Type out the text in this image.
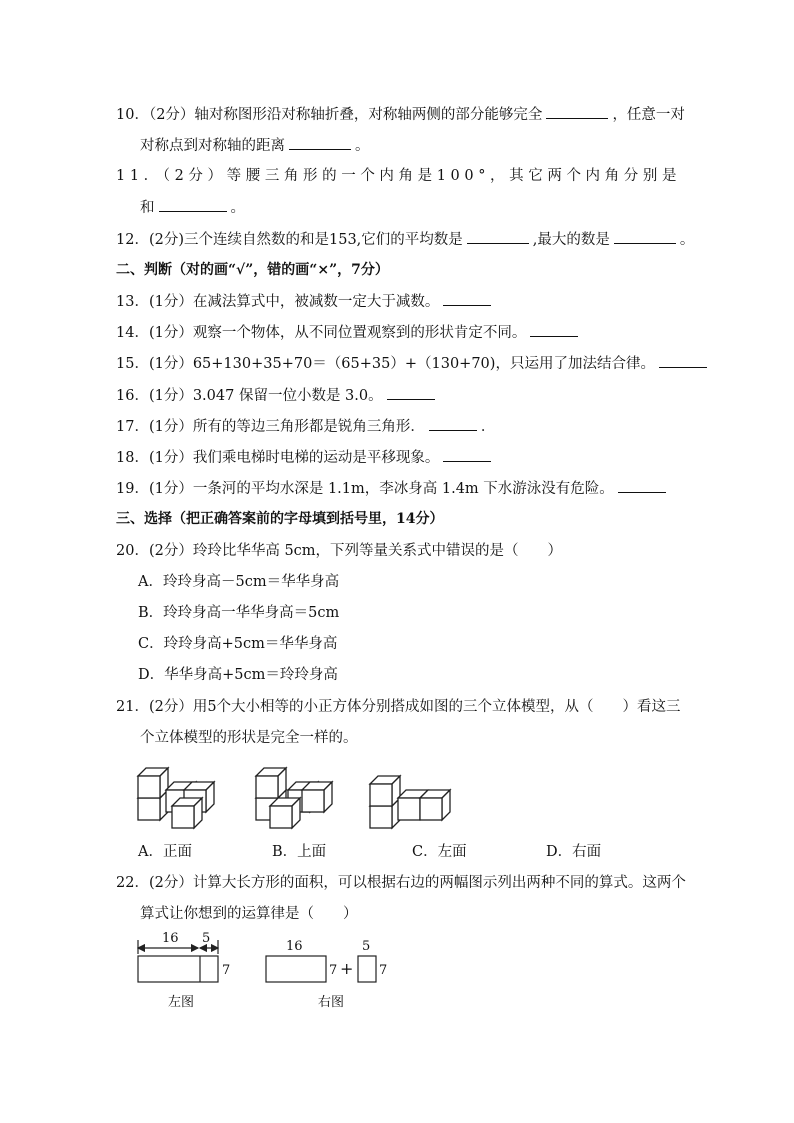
10．（2分）轴对称图形沿对称轴折叠，对称轴两侧的部分能够完全	，任意一对
对称点到对称轴的距离	。
11．（2分）等腰三角形的一个内角是100°，其它两个内角分别是
和	。
12．(2分)三个连续自然数的和是153,它们的平均数是	,最大的数是	。
二、判断（对的画“√”，错的画“×”，7分）
13．(1分）在减法算式中，被减数一定大于减数。
14．(1分）观察一个物体，从不同位置观察到的形状肯定不同。
15．(1分）65+130+35+70＝（65+35）+（130+70)，只运用了加法结合律。
16．(1分）3.047 保留一位小数是 3.0。
17．(1分）所有的等边三角形都是锐角三角形．	．
18．(1分）我们乘电梯时电梯的运动是平移现象。
19．(1分）一条河的平均水深是 1.1m，李冰身高 1.4m 下水游泳没有危险。
三、选择（把正确答案前的字母填到括号里，14分）
20．(2分）玲玲比华华高 5cm，下列等量关系式中错误的是（　　）
A．玲玲身高－5cm＝华华身高
B．玲玲身高一华华身高＝5cm
C．玲玲身高+5cm＝华华身高
D．华华身高+5cm＝玲玲身高
21．(2分）用5个大小相等的小正方体分别搭成如图的三个立体模型，从（　　）看这三
个立体模型的形状是完全一样的。
A．正面	B．上面	C．左面	D．右面
22．(2分）计算大长方形的面积，可以根据右边的两幅图示列出两种不同的算式。这两个
算式让你想到的运算律是（　　）
16 5
7
左图
16
7 +
5
7
右图
